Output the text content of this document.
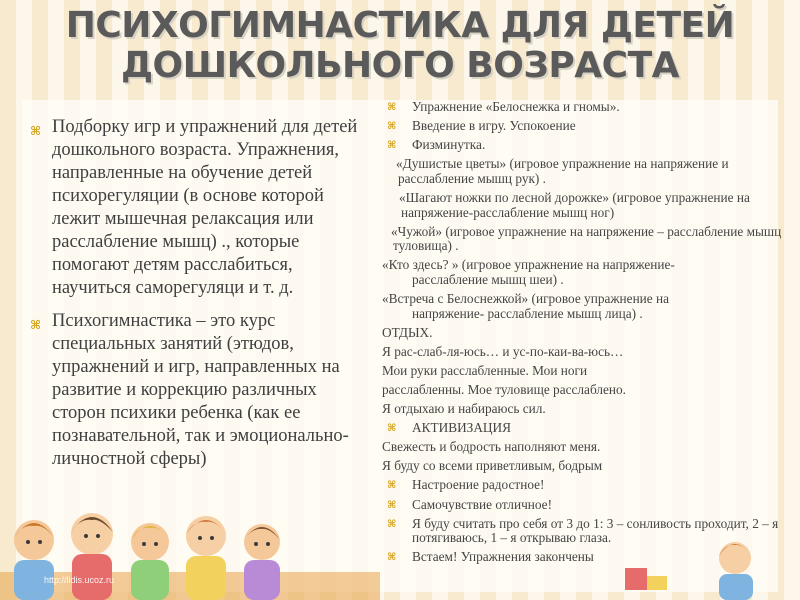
ПСИХОГИМНАСТИКА ДЛЯ ДЕТЕЙ
ДОШКОЛЬНОГО ВОЗРАСТА
⌘ Подборку игр и упражнений для детей дошкольного возраста. Упражнения, направленные на обучение детей психорегуляции (в основе которой лежит мышечная релаксация или расслабление мышц) ., которые помогают детям расслабиться, научиться саморегуляци и т. д.
⌘ Психогимнастика – это курс специальных занятий (этюдов, упражнений и игр, направленных на развитие и коррекцию различных сторон психики ребенка (как ее познавательной, так и эмоционально-личностной сферы)
⌘ Упражнение «Белоснежка и гномы».
⌘ Введение в игру. Успокоение
⌘ Физминутка.
«Душистые цветы» (игровое упражнение на напряжение и расслабление мышц рук) .
«Шагают ножки по лесной дорожке» (игровое упражнение на напряжение-расслабление мышц ног)
«Чужой» (игровое упражнение на напряжение – расслабление мышц туловища) .
«Кто здесь? » (игровое упражнение на напряжение-
расслабление мышц шеи) .
«Встреча с Белоснежкой» (игровое упражнение на
напряжение- расслабление мышц лица) .
ОТДЫХ.
Я рас-слаб-ля-юсь… и ус-по-каи-ва-юсь…
Мои руки расслабленные. Мои ноги
расслабленны. Мое туловище расслаблено.
Я отдыхаю и набираюсь сил.
⌘ АКТИВИЗАЦИЯ
Свежесть и бодрость наполняют меня.
Я буду со всеми приветливым, бодрым
⌘ Настроение радостное!
⌘ Самочувствие отличное!
⌘ Я буду считать про себя от 3 до 1: 3 – сонливость проходит, 2 – я потягиваюсь, 1 – я открываю глаза.
⌘ Встаем! Упражнения закончены
http://lidis.ucoz.ru
